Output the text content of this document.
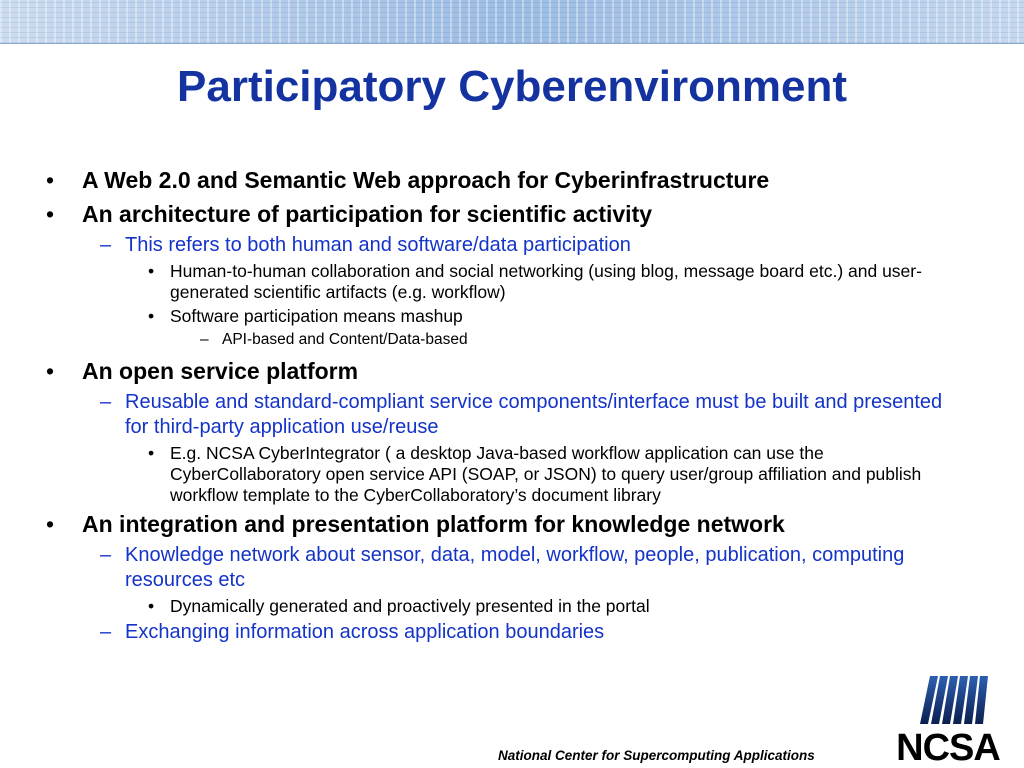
Participatory Cyberenvironment
• A Web 2.0 and Semantic Web approach for Cyberinfrastructure
• An architecture of participation for scientific activity
– This refers to both human and software/data participation
• Human-to-human collaboration and social networking (using blog, message board etc.) and user-generated scientific artifacts (e.g. workflow)
• Software participation means mashup
– API-based and Content/Data-based
• An open service platform
– Reusable and standard-compliant service components/interface must be built and presented for third-party application use/reuse
• E.g. NCSA CyberIntegrator ( a desktop Java-based workflow application can use the CyberCollaboratory open service API (SOAP, or JSON) to query user/group affiliation and publish workflow template to the CyberCollaboratory’s document library
• An integration and presentation platform for knowledge network
– Knowledge network about sensor, data, model, workflow, people, publication, computing resources etc
• Dynamically generated and proactively presented in the portal
– Exchanging information across application boundaries
National Center for Supercomputing Applications NCSA
